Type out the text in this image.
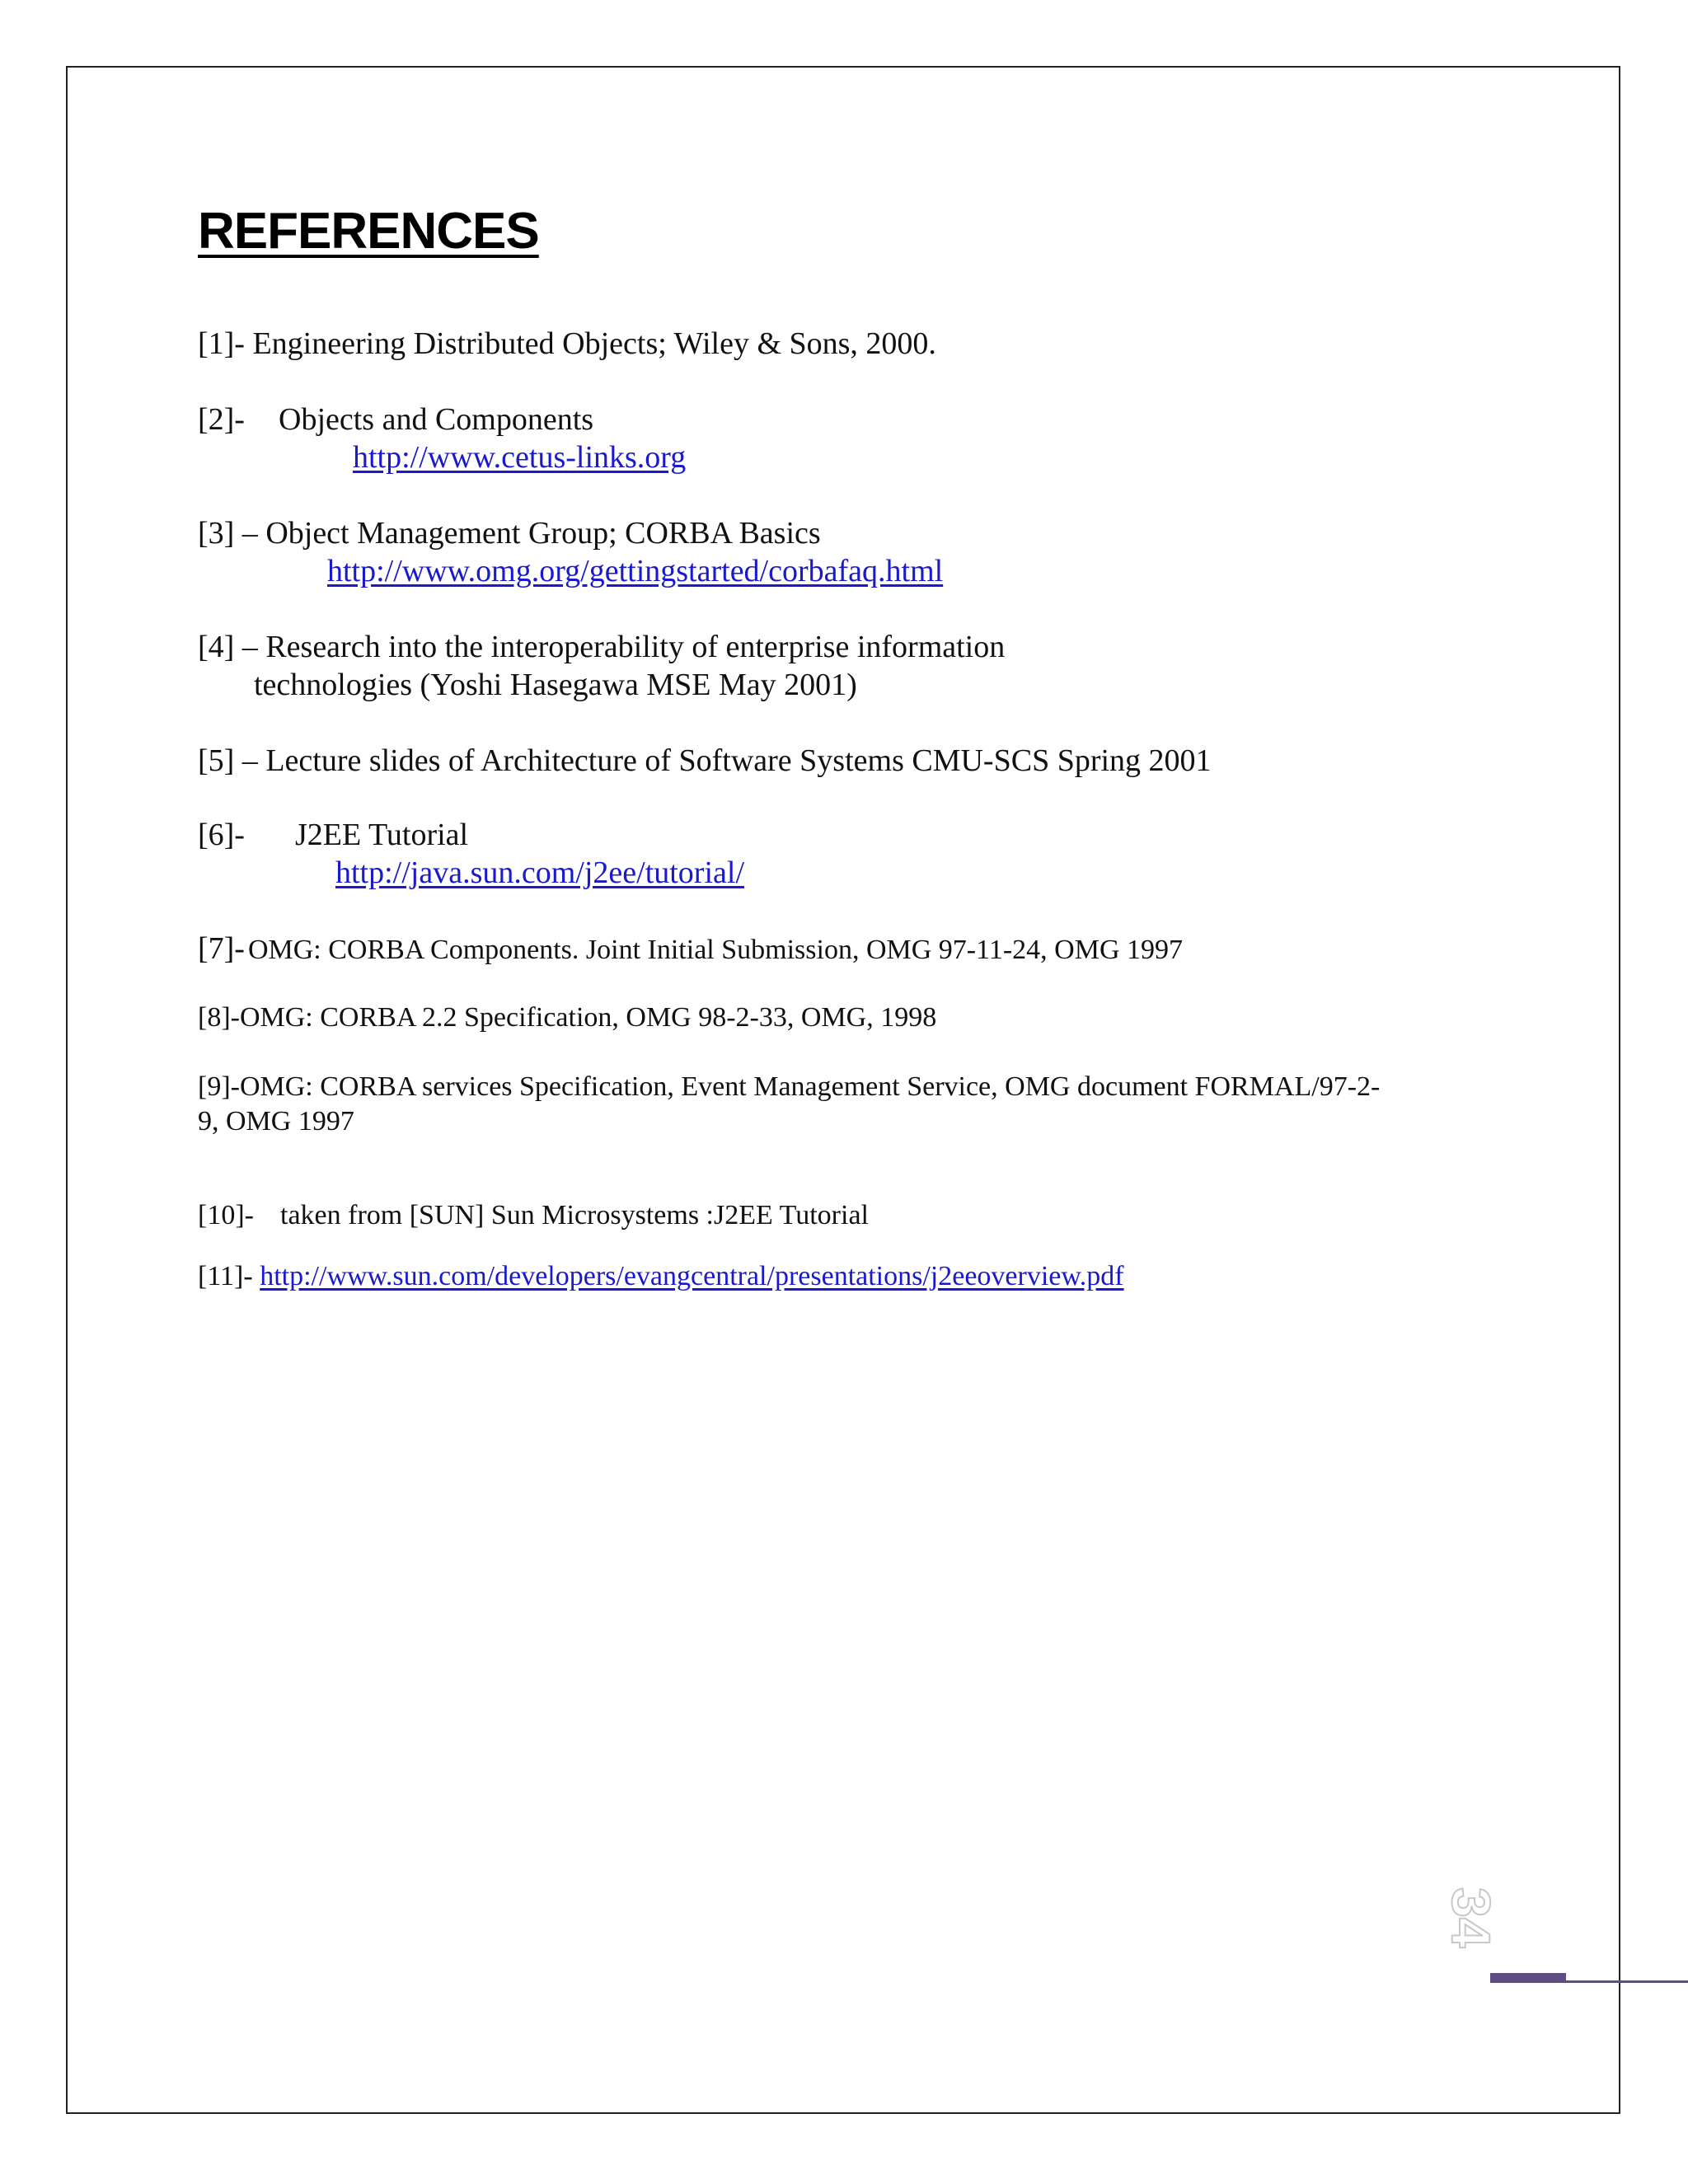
REFERENCES
[1]- Engineering Distributed Objects; Wiley & Sons, 2000.
[2]- Objects and Components
http://www.cetus-links.org
[3] – Object Management Group; CORBA Basics
http://www.omg.org/gettingstarted/corbafaq.html
[4] – Research into the interoperability of enterprise information
technologies (Yoshi Hasegawa MSE May 2001)
[5] – Lecture slides of Architecture of Software Systems CMU-SCS Spring 2001
[6]- J2EE Tutorial
http://java.sun.com/j2ee/tutorial/
[7]- OMG: CORBA Components. Joint Initial Submission, OMG 97-11-24, OMG 1997
[8]-OMG: CORBA 2.2 Specification, OMG 98-2-33, OMG, 1998
[9]-OMG: CORBA services Specification, Event Management Service, OMG document FORMAL/97-2-
9, OMG 1997
[10]- taken from [SUN] Sun Microsystems :J2EE Tutorial
[11]- http://www.sun.com/developers/evangcentral/presentations/j2eeoverview.pdf
34
